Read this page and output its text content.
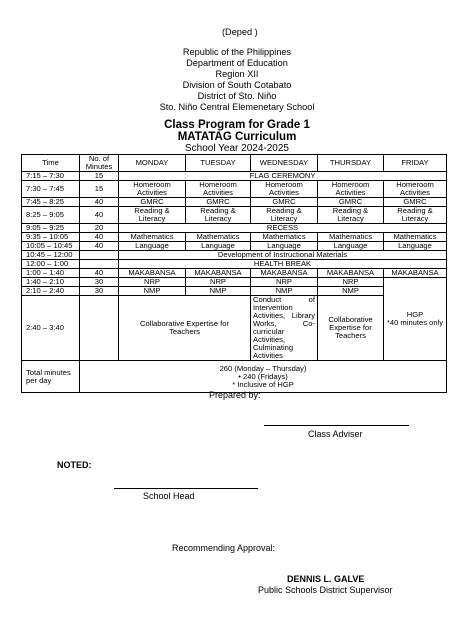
(Deped )
Republic of the Philippines
Department of Education
Region XII
Division of South Cotabato
District of Sto. Niño
Sto. Niño Central Elemenetary School
Class Program for Grade 1
MATATAG Curriculum
School Year 2024-2025
Time	No. of Minutes	MONDAY	TUESDAY	WEDNESDAY	THURSDAY	FRIDAY
7:15 – 7:30	15	FLAG CEREMONY				
7:30 – 7:45	15	Homeroom Activities	Homeroom Activities	Homeroom Activities	Homeroom Activities	Homeroom Activities
7:45 – 8:25	40	GMRC	GMRC	GMRC	GMRC	GMRC
8:25 – 9:05	40	Reading & Literacy	Reading & Literacy	Reading & Literacy	Reading & Literacy	Reading & Literacy
9:05 – 9:25	20	RECESS				
9:35 – 10:05	40	Mathematics	Mathematics	Mathematics	Mathematics	Mathematics
10:05 – 10:45	40	Language	Language	Language	Language	Language
10:45 – 12:00		Development of Instructional Materials				
12:00 – 1:00		HEALTH BREAK				
1:00 – 1:40	40	MAKABANSA	MAKABANSA	MAKABANSA	MAKABANSA	MAKABANSA
1:40 – 2:10	30	NRP	NRP	NRP	NRP	HGP
*40 minutes only

2:10 – 2:40	30	NMP	NMP	NMP	NMP	
2:40 – 3:40		Collaborative Expertise for Teachers		Conduct of Intervention Activities, Library Works, Co-curricular Activities, Culminating Activities	Collaborative Expertise for Teachers	
Total minutes per day	260 (Monday – Thursday)
• 240 (Fridays)
* Inclusive of HGP					
Prepared by:
Class Adviser
NOTED:
School Head
Recommending Approval:
DENNIS L. GALVE
Public Schools District Supervisor
